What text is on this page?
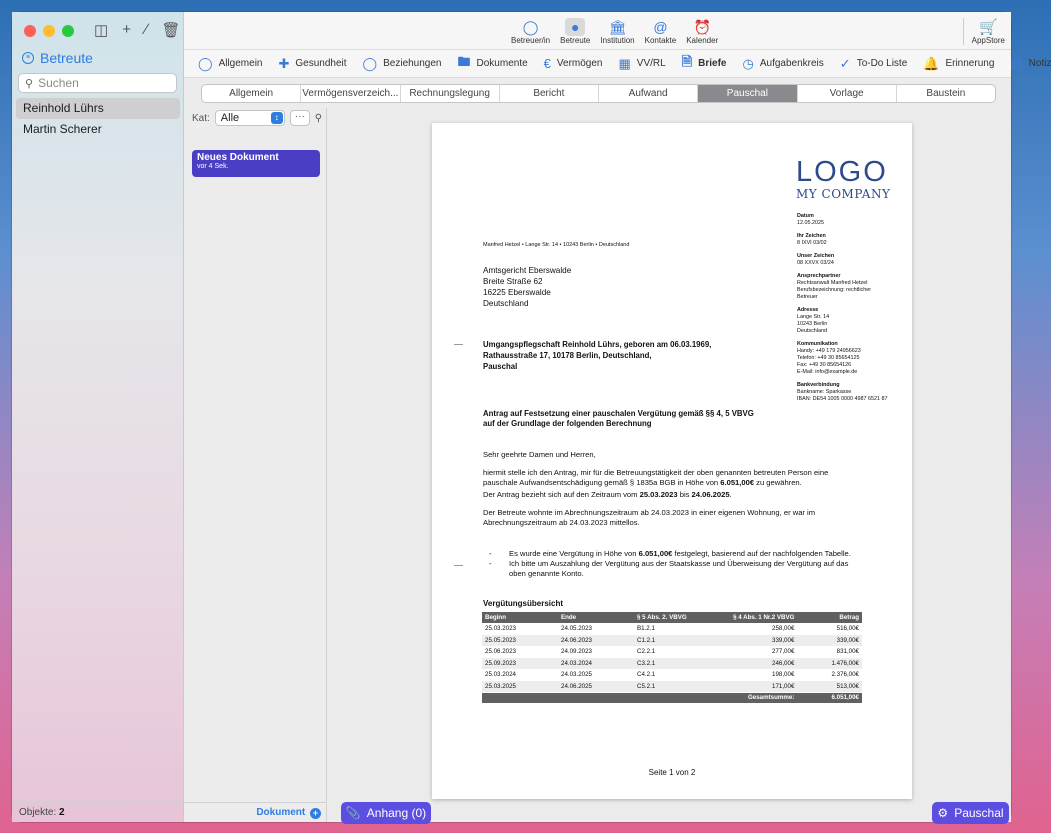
◫ + ∕ 🗑
≡ Betreute
⚲ Suchen
Reinhold Lührs
Martin Scherer
Objekte: 2
◯
Betreuer/in
●
Betreute
🏛
Institution
@
Kontakte
⏰
Kalender
🛒
AppStore
◯ Allgemein ✚ Gesundheit ◯ Beziehungen 🖿 Dokumente € Vermögen ▦ VV/RL 🗎 Briefe ◷ Aufgabenkreis ✓ To-Do Liste 🔔 Erinnerung ▤ Notiz
Allgemein	Vermögensverzeich...	Rechnungslegung	Bericht	Aufwand	Pauschal	Vorlage	Baustein
Kat:	Alle	↕	···	⚲
Neues Dokument
vor 4 Sek.
Dokument +
LOGO
MY COMPANY
Datum
12.05.2025
Ihr Zeichen
8 IXVI 03/02
Unser Zeichen
08 XXVX 03/24
Ansprechpartner
Rechtsanwalt Manfred Hetzel
Berufsbezeichnung: rechtlicher
Betreuer
Adresse
Lange Str. 14
10243 Berlin
Deutschland
Kommunikation
Handy: +49 179 24956623
Telefon: +49 30 85654125
Fax: +49 30 85654126
E-Mail: info@example.de
Bankverbindung
Bankname: Sparkasse
IBAN: DE54 1005 0000 4987 6521 87
Manfred Hetzel • Lange Str. 14 • 10243 Berlin • Deutschland
Amtsgericht Eberswalde
Breite Straße 62
16225 Eberswalde
Deutschland
Umgangspflegschaft Reinhold Lührs, geboren am 06.03.1969,
Rathausstraße 17, 10178 Berlin, Deutschland,
Pauschal
Antrag auf Festsetzung einer pauschalen Vergütung gemäß §§ 4, 5 VBVG
auf der Grundlage der folgenden Berechnung

Sehr geehrte Damen und Herren,

hiermit stelle ich den Antrag, mir für die Betreuungstätigkeit der oben genannten betreuten Person eine pauschale Aufwandsentschädigung gemäß § 1835a BGB in Höhe von 6.051,00€ zu gewähren.

Der Antrag bezieht sich auf den Zeitraum vom 25.03.2023 bis 24.06.2025.

Der Betreute wohnte im Abrechnungszeitraum ab 24.03.2023 in einer eigenen Wohnung, er war im Abrechnungszeitraum ab 24.03.2023 mittellos.

-	Es wurde eine Vergütung in Höhe von 6.051,00€ festgelegt, basierend auf der nachfolgenden Tabelle.
-	Ich bitte um Auszahlung der Vergütung aus der Staatskasse und Überweisung der Vergütung auf das oben genannte Konto.
Vergütungsübersicht
Beginn	Ende	§ 5 Abs. 2. VBVG	§ 4 Abs. 1 Nr.2 VBVG	Betrag
25.03.2023	24.05.2023	B1.2.1	258,00€	516,00€
25.05.2023	24.06.2023	C1.2.1	339,00€	339,00€
25.06.2023	24.09.2023	C2.2.1	277,00€	831,00€
25.09.2023	24.03.2024	C3.2.1	246,00€	1.476,00€
25.03.2024	24.03.2025	C4.2.1	198,00€	2.376,00€
25.03.2025	24.06.2025	C5.2.1	171,00€	513,00€
			Gesamtsumme:	6.051,00€
Seite 1 von 2
📎 Anhang (0)	⚙ Pauschal
